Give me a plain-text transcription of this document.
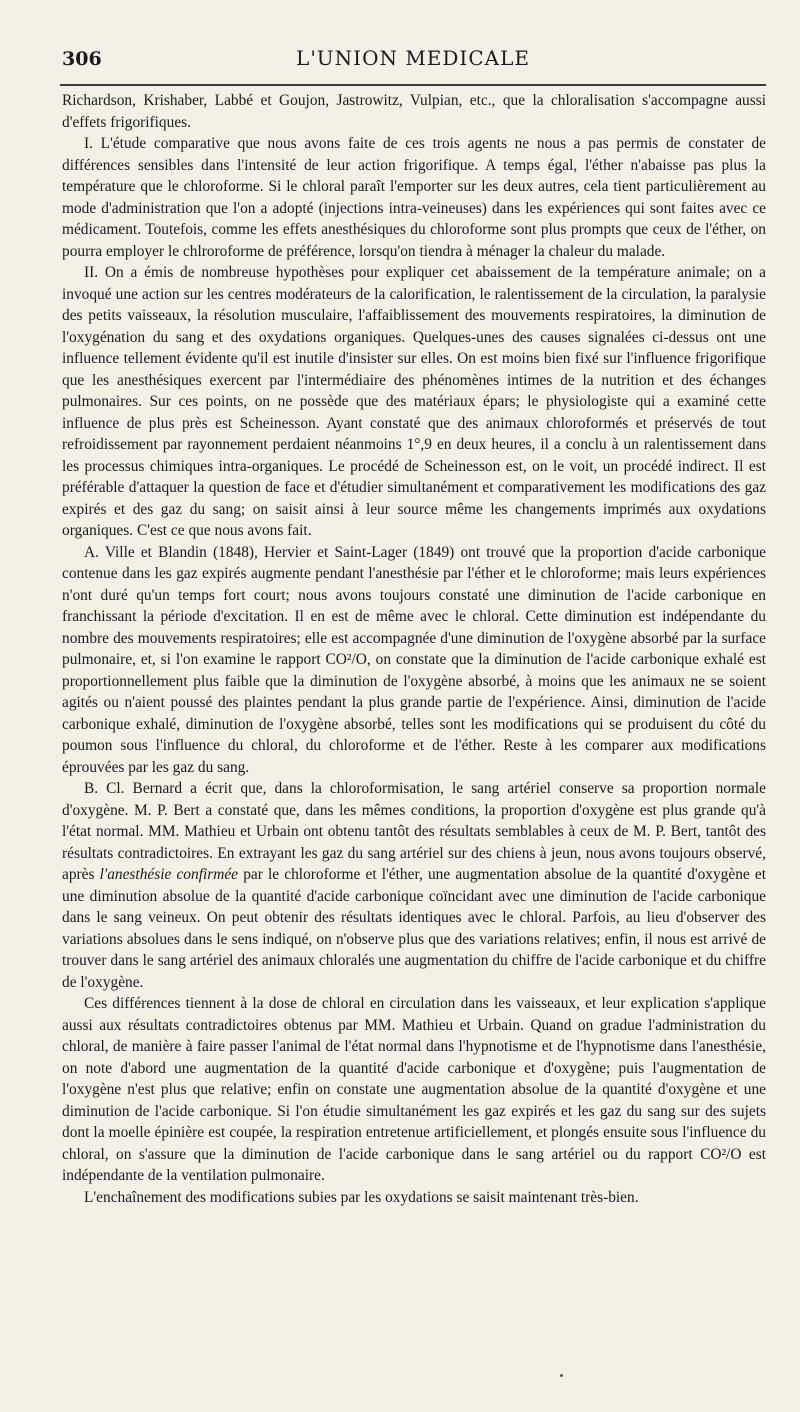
306	L'UNION MEDICALE

Richardson, Krishaber, Labbé et Goujon, Jastrowitz, Vulpian, etc., que la chloralisation s'accompagne aussi d'effets frigorifiques.

I. L'étude comparative que nous avons faite de ces trois agents ne nous a pas permis de constater de différences sensibles dans l'intensité de leur action frigorifique. A temps égal, l'éther n'abaisse pas plus la température que le chloroforme. Si le chloral paraît l'emporter sur les deux autres, cela tient particulièrement au mode d'administration que l'on a adopté (injections intra-veineuses) dans les expériences qui sont faites avec ce médicament. Toutefois, comme les effets anesthésiques du chloroforme sont plus prompts que ceux de l'éther, on pourra employer le chlroroforme de préférence, lorsqu'on tiendra à ménager la chaleur du malade.

II. On a émis de nombreuse hypothèses pour expliquer cet abaissement de la température animale; on a invoqué une action sur les centres modérateurs de la calorification, le ralentissement de la circulation, la paralysie des petits vaisseaux, la résolution musculaire, l'affaiblissement des mouvements respiratoires, la diminution de l'oxygénation du sang et des oxydations organiques. Quelques-unes des causes signalées ci-dessus ont une influence tellement évidente qu'il est inutile d'insister sur elles. On est moins bien fixé sur l'influence frigorifique que les anesthésiques exercent par l'intermédiaire des phénomènes intimes de la nutrition et des échanges pulmonaires. Sur ces points, on ne possède que des matériaux épars; le physiologiste qui a examiné cette influence de plus près est Scheinesson. Ayant constaté que des animaux chloroformés et préservés de tout refroidissement par rayonnement perdaient néanmoins 1°,9 en deux heures, il a conclu à un ralentissement dans les processus chimiques intra-organiques. Le procédé de Scheinesson est, on le voit, un procédé indirect. Il est préférable d'attaquer la question de face et d'étudier simultanément et comparativement les modifications des gaz expirés et des gaz du sang; on saisit ainsi à leur source même les changements imprimés aux oxydations organiques. C'est ce que nous avons fait.

A. Ville et Blandin (1848), Hervier et Saint-Lager (1849) ont trouvé que la proportion d'acide carbonique contenue dans les gaz expirés augmente pendant l'anesthésie par l'éther et le chloroforme; mais leurs expériences n'ont duré qu'un temps fort court; nous avons toujours constaté une diminution de l'acide carbonique en franchissant la période d'excitation. Il en est de même avec le chloral. Cette diminution est indépendante du nombre des mouvements respiratoires; elle est accompagnée d'une diminution de l'oxygène absorbé par la surface pulmonaire, et, si l'on examine le rapport CO²/O, on constate que la diminution de l'acide carbonique exhalé est proportionnellement plus faible que la diminution de l'oxygène absorbé, à moins que les animaux ne se soient agités ou n'aient poussé des plaintes pendant la plus grande partie de l'expérience. Ainsi, diminution de l'acide carbonique exhalé, diminution de l'oxygène absorbé, telles sont les modifications qui se produisent du côté du poumon sous l'influence du chloral, du chloroforme et de l'éther. Reste à les comparer aux modifications éprouvées par les gaz du sang.

B. Cl. Bernard a écrit que, dans la chloroformisation, le sang artériel conserve sa proportion normale d'oxygène. M. P. Bert a constaté que, dans les mêmes conditions, la proportion d'oxygène est plus grande qu'à l'état normal. MM. Mathieu et Urbain ont obtenu tantôt des résultats semblables à ceux de M. P. Bert, tantôt des résultats contradictoires. En extrayant les gaz du sang artériel sur des chiens à jeun, nous avons toujours observé, après l'anesthésie confirmée par le chloroforme et l'éther, une augmentation absolue de la quantité d'oxygène et une diminution absolue de la quantité d'acide carbonique coïncidant avec une diminution de l'acide carbonique dans le sang veineux. On peut obtenir des résultats identiques avec le chloral. Parfois, au lieu d'observer des variations absolues dans le sens indiqué, on n'observe plus que des variations relatives; enfin, il nous est arrivé de trouver dans le sang artériel des animaux chloralés une augmentation du chiffre de l'acide carbonique et du chiffre de l'oxygène.

Ces différences tiennent à la dose de chloral en circulation dans les vaisseaux, et leur explication s'applique aussi aux résultats contradictoires obtenus par MM. Mathieu et Urbain. Quand on gradue l'administration du chloral, de manière à faire passer l'animal de l'état normal dans l'hypnotisme et de l'hypnotisme dans l'anesthésie, on note d'abord une augmentation de la quantité d'acide carbonique et d'oxygène; puis l'augmentation de l'oxygène n'est plus que relative; enfin on constate une augmentation absolue de la quantité d'oxygène et une diminution de l'acide carbonique. Si l'on étudie simultanément les gaz expirés et les gaz du sang sur des sujets dont la moelle épinière est coupée, la respiration entretenue artificiellement, et plongés ensuite sous l'influence du chloral, on s'assure que la diminution de l'acide carbonique dans le sang artériel ou du rapport CO²/O est indépendante de la ventilation pulmonaire.

L'enchaînement des modifications subies par les oxydations se saisit maintenant très-bien.
